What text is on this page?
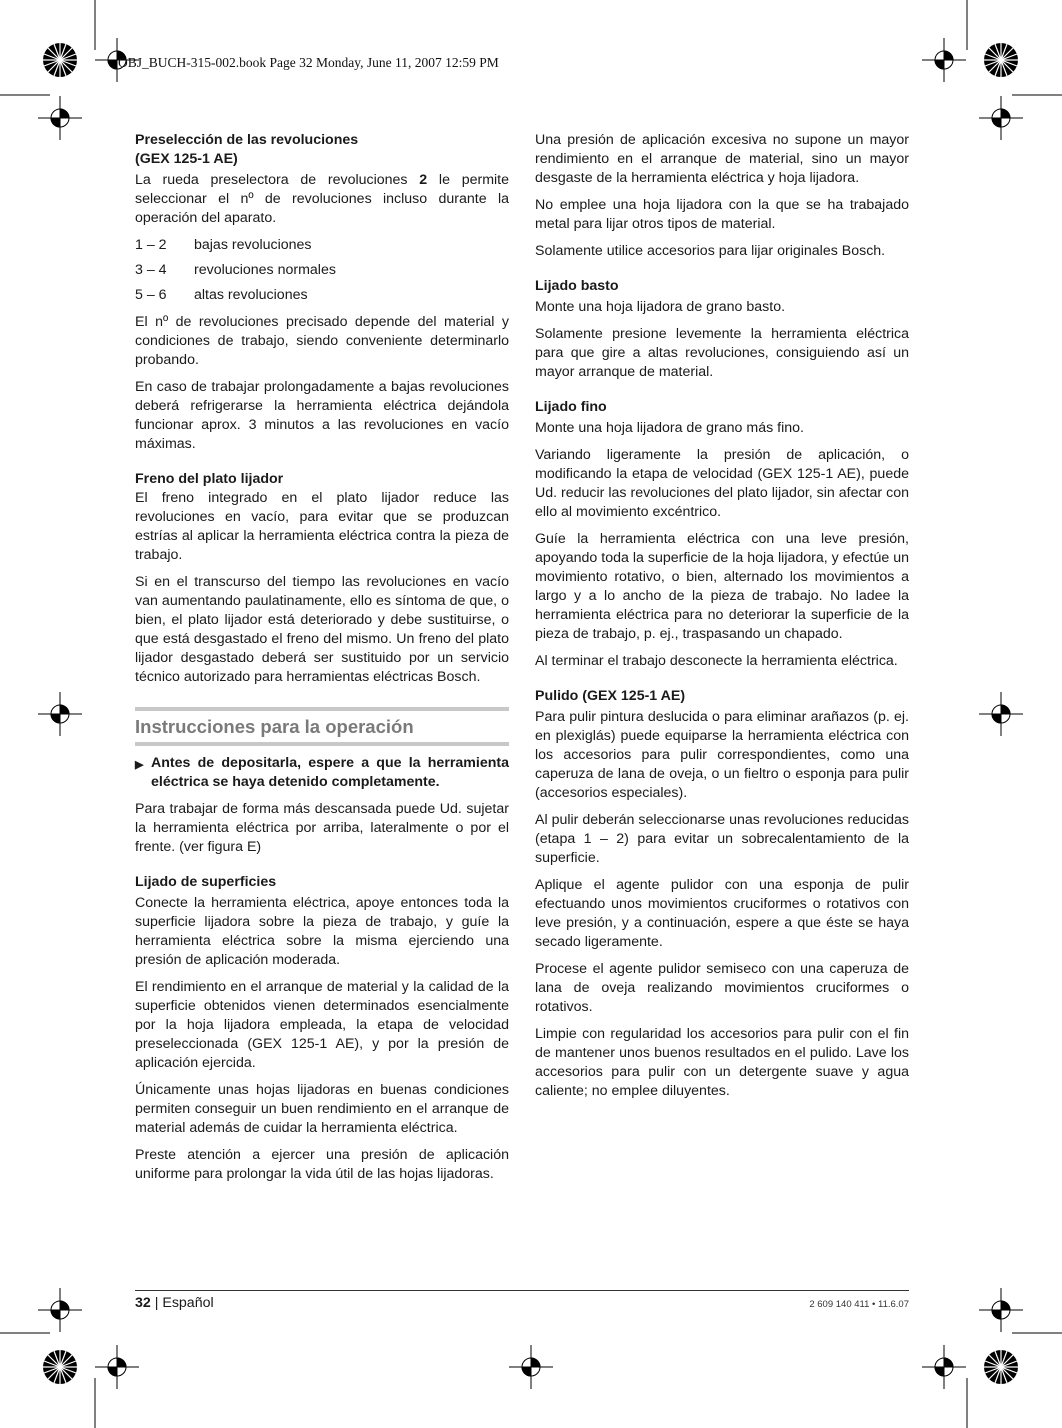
OBJ_BUCH-315-002.book Page 32 Monday, June 11, 2007 12:59 PM
Preselección de las revoluciones
(GEX 125-1 AE)

La rueda preselectora de revoluciones 2 le permite seleccionar el nº de revoluciones incluso durante la operación del aparato.

1 – 2	bajas revoluciones
3 – 4	revoluciones normales
5 – 6	altas revoluciones

El nº de revoluciones precisado depende del material y condiciones de trabajo, siendo conveniente determinarlo probando.

En caso de trabajar prolongadamente a bajas revoluciones deberá refrigerarse la herramienta eléctrica dejándola funcionar aprox. 3 minutos a las revoluciones en vacío máximas.

Freno del plato lijador

El freno integrado en el plato lijador reduce las revoluciones en vacío, para evitar que se produzcan estrías al aplicar la herramienta eléctrica contra la pieza de trabajo.

Si en el transcurso del tiempo las revoluciones en vacío van aumentando paulatinamente, ello es síntoma de que, o bien, el plato lijador está deteriorado y debe sustituirse, o que está desgastado el freno del mismo. Un freno del plato lijador desgastado deberá ser sustituido por un servicio técnico autorizado para herramientas eléctricas Bosch.

Instrucciones para la operación
▶ Antes de depositarla, espere a que la herramienta eléctrica se haya detenido completamente.

Para trabajar de forma más descansada puede Ud. sujetar la herramienta eléctrica por arriba, lateralmente o por el frente. (ver figura E)

Lijado de superficies

Conecte la herramienta eléctrica, apoye entonces toda la superficie lijadora sobre la pieza de trabajo, y guíe la herramienta eléctrica sobre la misma ejerciendo una presión de aplicación moderada.

El rendimiento en el arranque de material y la calidad de la superficie obtenidos vienen determinados esencialmente por la hoja lijadora empleada, la etapa de velocidad preseleccionada (GEX 125-1 AE), y por la presión de aplicación ejercida.

Únicamente unas hojas lijadoras en buenas condiciones permiten conseguir un buen rendimiento en el arranque de material además de cuidar la herramienta eléctrica.

Preste atención a ejercer una presión de aplicación uniforme para prolongar la vida útil de las hojas lijadoras.

Una presión de aplicación excesiva no supone un mayor rendimiento en el arranque de material, sino un mayor desgaste de la herramienta eléctrica y hoja lijadora.

No emplee una hoja lijadora con la que se ha trabajado metal para lijar otros tipos de material.

Solamente utilice accesorios para lijar originales Bosch.

Lijado basto

Monte una hoja lijadora de grano basto.

Solamente presione levemente la herramienta eléctrica para que gire a altas revoluciones, consiguiendo así un mayor arranque de material.

Lijado fino

Monte una hoja lijadora de grano más fino.

Variando ligeramente la presión de aplicación, o modificando la etapa de velocidad (GEX 125-1 AE), puede Ud. reducir las revoluciones del plato lijador, sin afectar con ello al movimiento excéntrico.

Guíe la herramienta eléctrica con una leve presión, apoyando toda la superficie de la hoja lijadora, y efectúe un movimiento rotativo, o bien, alternado los movimientos a largo y a lo ancho de la pieza de trabajo. No ladee la herramienta eléctrica para no deteriorar la superficie de la pieza de trabajo, p. ej., traspasando un chapado.

Al terminar el trabajo desconecte la herramienta eléctrica.

Pulido (GEX 125-1 AE)

Para pulir pintura deslucida o para eliminar arañazos (p. ej. en plexiglás) puede equiparse la herramienta eléctrica con los accesorios para pulir correspondientes, como una caperuza de lana de oveja, o un fieltro o esponja para pulir (accesorios especiales).

Al pulir deberán seleccionarse unas revoluciones reducidas (etapa 1 – 2) para evitar un sobrecalentamiento de la superficie.

Aplique el agente pulidor con una esponja de pulir efectuando unos movimientos cruciformes o rotativos con leve presión, y a continuación, espere a que éste se haya secado ligeramente.

Procese el agente pulidor semiseco con una caperuza de lana de oveja realizando movimientos cruciformes o rotativos.

Limpie con regularidad los accesorios para pulir con el fin de mantener unos buenos resultados en el pulido. Lave los accesorios para pulir con un detergente suave y agua caliente; no emplee diluyentes.

32 | Español	2 609 140 411 • 11.6.07
